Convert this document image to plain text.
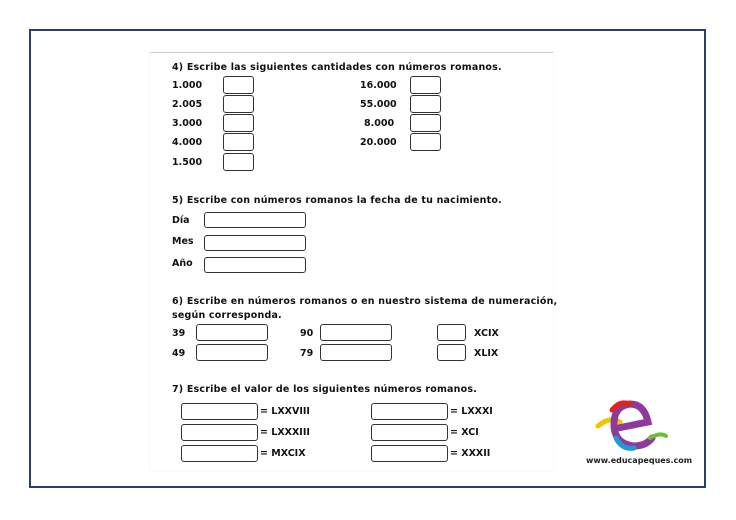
4) Escribe las siguientes cantidades con números romanos.
1.000
2.005
3.000
4.000
1.500
16.000
55.000
8.000
20.000
5) Escribe con números romanos la fecha de tu nacimiento.
Día
Mes
Año
6) Escribe en números romanos o en nuestro sistema de numeración,
según corresponda.
39
49
90
79
XCIX
XLIX
7) Escribe el valor de los siguientes números romanos.
= LXXVIII
= LXXXIII
= MXCIX
= LXXXI
= XCI
= XXXII
www.educapeques.com
